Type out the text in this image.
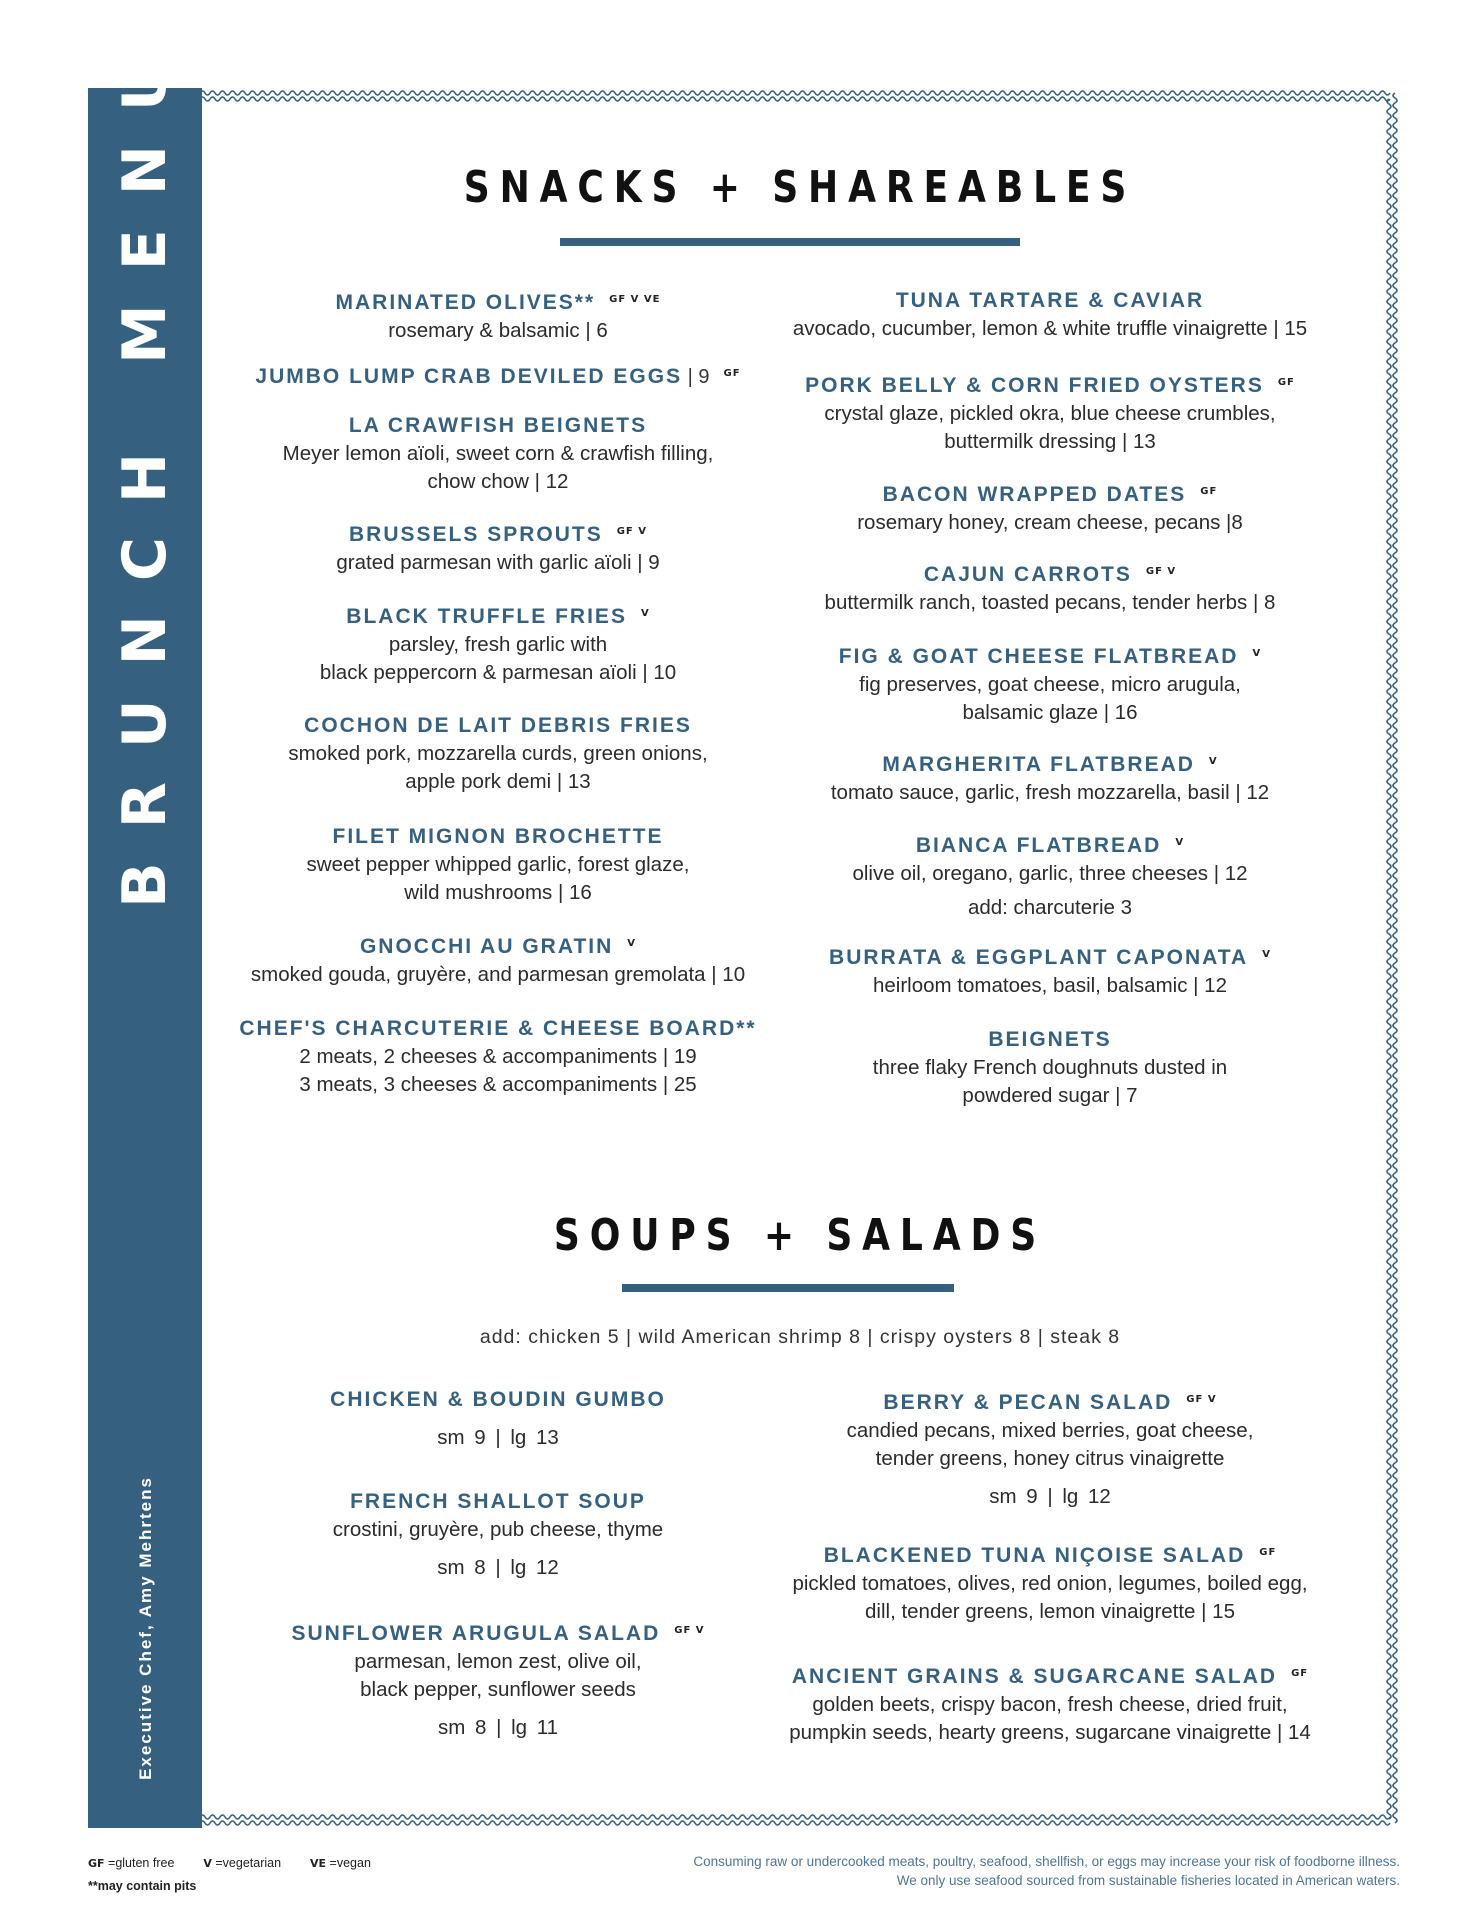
BRUNCH MENU
Executive Chef, Amy Mehrtens
SNACKS + SHAREABLES
MARINATED OLIVES** GF V VE
rosemary & balsamic | 6
JUMBO LUMP CRAB DEVILED EGGS | 9 GF
LA CRAWFISH BEIGNETS
Meyer lemon aïoli, sweet corn & crawfish filling,
chow chow | 12
BRUSSELS SPROUTS GF V
grated parmesan with garlic aïoli | 9
BLACK TRUFFLE FRIES V
parsley, fresh garlic with
black peppercorn & parmesan aïoli | 10
COCHON DE LAIT DEBRIS FRIES
smoked pork, mozzarella curds, green onions,
apple pork demi | 13
FILET MIGNON BROCHETTE
sweet pepper whipped garlic, forest glaze,
wild mushrooms | 16
GNOCCHI AU GRATIN V
smoked gouda, gruyère, and parmesan gremolata | 10
CHEF'S CHARCUTERIE & CHEESE BOARD**
2 meats, 2 cheeses & accompaniments | 19
3 meats, 3 cheeses & accompaniments | 25
TUNA TARTARE & CAVIAR
avocado, cucumber, lemon & white truffle vinaigrette | 15
PORK BELLY & CORN FRIED OYSTERS GF
crystal glaze, pickled okra, blue cheese crumbles,
buttermilk dressing | 13
BACON WRAPPED DATES GF
rosemary honey, cream cheese, pecans |8
CAJUN CARROTS GF V
buttermilk ranch, toasted pecans, tender herbs | 8
FIG & GOAT CHEESE FLATBREAD V
fig preserves, goat cheese, micro arugula,
balsamic glaze | 16
MARGHERITA FLATBREAD V
tomato sauce, garlic, fresh mozzarella, basil | 12
BIANCA FLATBREAD V
olive oil, oregano, garlic, three cheeses | 12
add: charcuterie 3
BURRATA & EGGPLANT CAPONATA V
heirloom tomatoes, basil, balsamic | 12
BEIGNETS
three flaky French doughnuts dusted in
powdered sugar | 7
SOUPS + SALADS
add: chicken 5 | wild American shrimp 8 | crispy oysters 8 | steak 8
CHICKEN & BOUDIN GUMBO
sm 9 | lg 13
FRENCH SHALLOT SOUP
crostini, gruyère, pub cheese, thyme
sm 8 | lg 12
SUNFLOWER ARUGULA SALAD GF V
parmesan, lemon zest, olive oil,
black pepper, sunflower seeds
sm 8 | lg 11
BERRY & PECAN SALAD GF V
candied pecans, mixed berries, goat cheese,
tender greens, honey citrus vinaigrette
sm 9 | lg 12
BLACKENED TUNA NIÇOISE SALAD GF
pickled tomatoes, olives, red onion, legumes, boiled egg,
dill, tender greens, lemon vinaigrette | 15
ANCIENT GRAINS & SUGARCANE SALAD GF
golden beets, crispy bacon, fresh cheese, dried fruit,
pumpkin seeds, hearty greens, sugarcane vinaigrette | 14
GF =gluten free	V =vegetarian	VE =vegan
**may contain pits
Consuming raw or undercooked meats, poultry, seafood, shellfish, or eggs may increase your risk of foodborne illness.
We only use seafood sourced from sustainable fisheries located in American waters.
